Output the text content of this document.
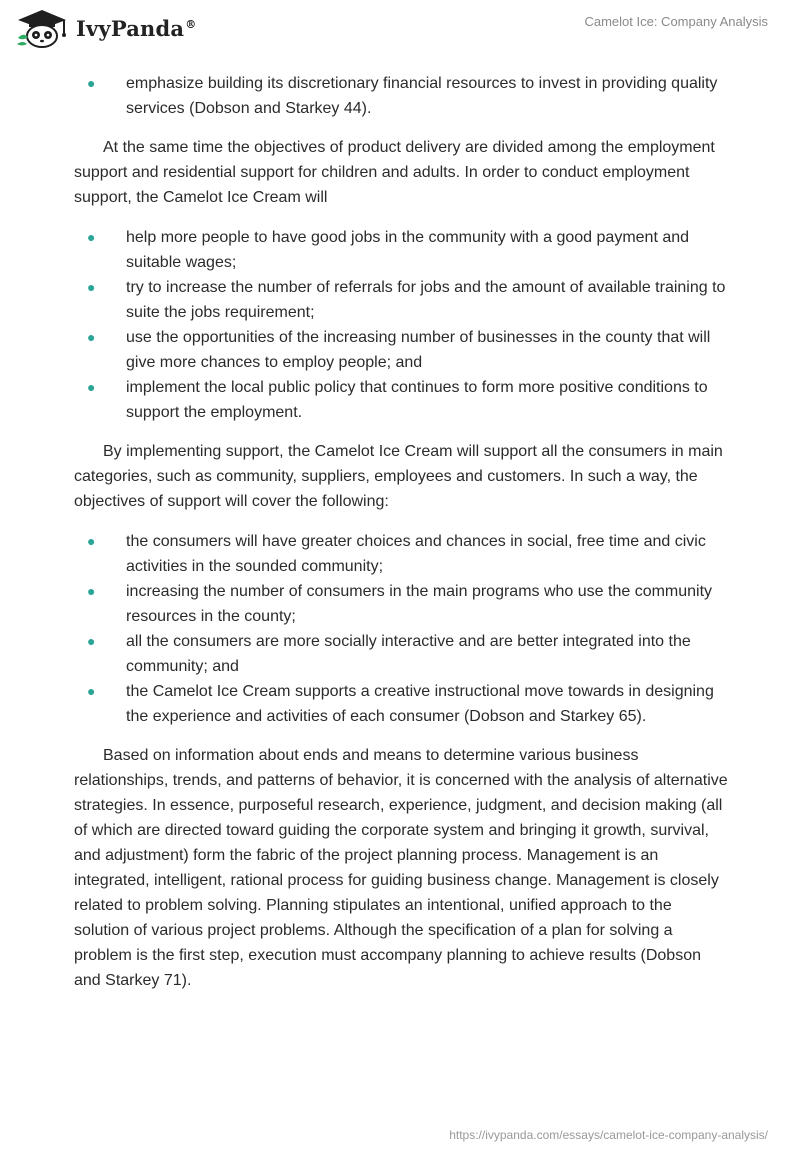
IvyPanda®	Camelot Ice: Company Analysis
● emphasize building its discretionary financial resources to invest in providing quality services (Dobson and Starkey 44).

At the same time the objectives of product delivery are divided among the employment support and residential support for children and adults. In order to conduct employment support, the Camelot Ice Cream will

● help more people to have good jobs in the community with a good payment and suitable wages;
● try to increase the number of referrals for jobs and the amount of available training to suite the jobs requirement;
● use the opportunities of the increasing number of businesses in the county that will give more chances to employ people; and
● implement the local public policy that continues to form more positive conditions to support the employment.

By implementing support, the Camelot Ice Cream will support all the consumers in main categories, such as community, suppliers, employees and customers. In such a way, the objectives of support will cover the following:

● the consumers will have greater choices and chances in social, free time and civic activities in the sounded community;
● increasing the number of consumers in the main programs who use the community resources in the county;
● all the consumers are more socially interactive and are better integrated into the community; and
● the Camelot Ice Cream supports a creative instructional move towards in designing the experience and activities of each consumer (Dobson and Starkey 65).

Based on information about ends and means to determine various business relationships, trends, and patterns of behavior, it is concerned with the analysis of alternative strategies. In essence, purposeful research, experience, judgment, and decision making (all of which are directed toward guiding the corporate system and bringing it growth, survival, and adjustment) form the fabric of the project planning process. Management is an integrated, intelligent, rational process for guiding business change. Management is closely related to problem solving. Planning stipulates an intentional, unified approach to the solution of various project problems. Although the specification of a plan for solving a problem is the first step, execution must accompany planning to achieve results (Dobson and Starkey 71).

https://ivypanda.com/essays/camelot-ice-company-analysis/
